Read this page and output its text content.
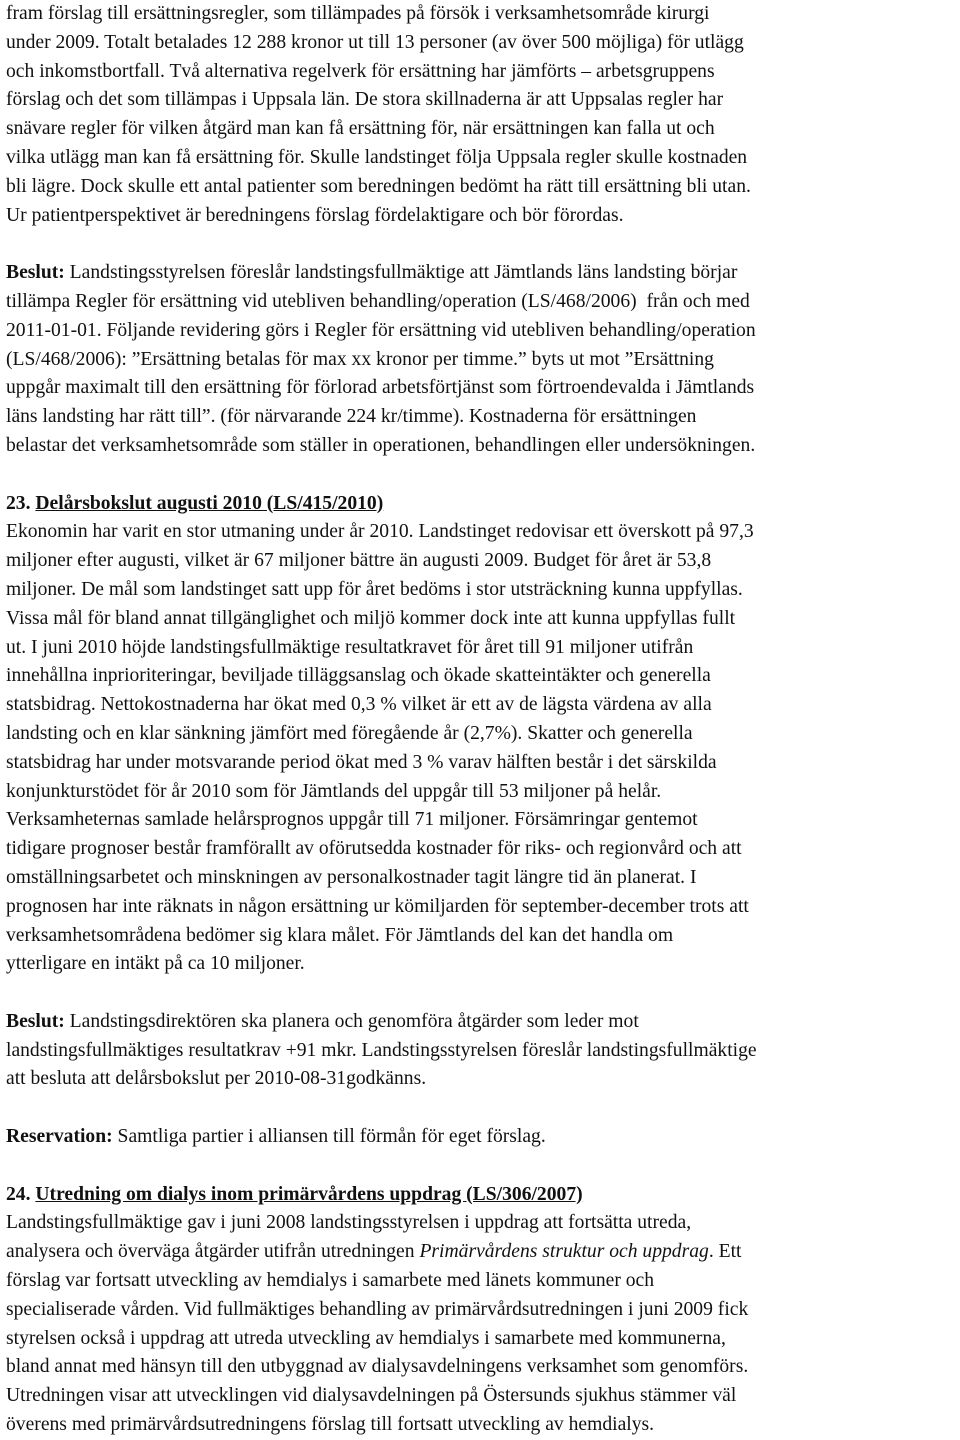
fram förslag till ersättningsregler, som tillämpades på försök i verksamhetsområde kirurgi
under 2009. Totalt betalades 12 288 kronor ut till 13 personer (av över 500 möjliga) för utlägg
och inkomstbortfall. Två alternativa regelverk för ersättning har jämförts – arbetsgruppens
förslag och det som tillämpas i Uppsala län. De stora skillnaderna är att Uppsalas regler har
snävare regler för vilken åtgärd man kan få ersättning för, när ersättningen kan falla ut och
vilka utlägg man kan få ersättning för. Skulle landstinget följa Uppsala regler skulle kostnaden
bli lägre. Dock skulle ett antal patienter som beredningen bedömt ha rätt till ersättning bli utan.
Ur patientperspektivet är beredningens förslag fördelaktigare och bör förordas.
Beslut: Landstingsstyrelsen föreslår landstingsfullmäktige att Jämtlands läns landsting börjar
tillämpa Regler för ersättning vid utebliven behandling/operation (LS/468/2006)  från och med
2011-01-01. Följande revidering görs i Regler för ersättning vid utebliven behandling/operation
(LS/468/2006): ”Ersättning betalas för max xx kronor per timme.” byts ut mot ”Ersättning
uppgår maximalt till den ersättning för förlorad arbetsförtjänst som förtroendevalda i Jämtlands
läns landsting har rätt till”. (för närvarande 224 kr/timme). Kostnaderna för ersättningen
belastar det verksamhetsområde som ställer in operationen, behandlingen eller undersökningen.
23. Delårsbokslut augusti 2010 (LS/415/2010)
Ekonomin har varit en stor utmaning under år 2010. Landstinget redovisar ett överskott på 97,3
miljoner efter augusti, vilket är 67 miljoner bättre än augusti 2009. Budget för året är 53,8
miljoner. De mål som landstinget satt upp för året bedöms i stor utsträckning kunna uppfyllas.
Vissa mål för bland annat tillgänglighet och miljö kommer dock inte att kunna uppfyllas fullt
ut. I juni 2010 höjde landstingsfullmäktige resultatkravet för året till 91 miljoner utifrån
innehållna inprioriteringar, beviljade tilläggsanslag och ökade skatteintäkter och generella
statsbidrag. Nettokostnaderna har ökat med 0,3 % vilket är ett av de lägsta värdena av alla
landsting och en klar sänkning jämfört med föregående år (2,7%). Skatter och generella
statsbidrag har under motsvarande period ökat med 3 % varav hälften består i det särskilda
konjunkturstödet för år 2010 som för Jämtlands del uppgår till 53 miljoner på helår.
Verksamheternas samlade helårsprognos uppgår till 71 miljoner. Försämringar gentemot
tidigare prognoser består framförallt av oförutsedda kostnader för riks- och regionvård och att
omställningsarbetet och minskningen av personalkostnader tagit längre tid än planerat. I
prognosen har inte räknats in någon ersättning ur kömiljarden för september-december trots att
verksamhetsområdena bedömer sig klara målet. För Jämtlands del kan det handla om
ytterligare en intäkt på ca 10 miljoner.
Beslut: Landstingsdirektören ska planera och genomföra åtgärder som leder mot
landstingsfullmäktiges resultatkrav +91 mkr. Landstingsstyrelsen föreslår landstingsfullmäktige
att besluta att delårsbokslut per 2010-08-31godkänns.
Reservation: Samtliga partier i alliansen till förmån för eget förslag.
24. Utredning om dialys inom primärvårdens uppdrag (LS/306/2007)
Landstingsfullmäktige gav i juni 2008 landstingsstyrelsen i uppdrag att fortsätta utreda,
analysera och överväga åtgärder utifrån utredningen Primärvårdens struktur och uppdrag. Ett
förslag var fortsatt utveckling av hemdialys i samarbete med länets kommuner och
specialiserade vården. Vid fullmäktiges behandling av primärvårdsutredningen i juni 2009 fick
styrelsen också i uppdrag att utreda utveckling av hemdialys i samarbete med kommunerna,
bland annat med hänsyn till den utbyggnad av dialysavdelningens verksamhet som genomförs.
Utredningen visar att utvecklingen vid dialysavdelningen på Östersunds sjukhus stämmer väl
överens med primärvårdsutredningens förslag till fortsatt utveckling av hemdialys.
